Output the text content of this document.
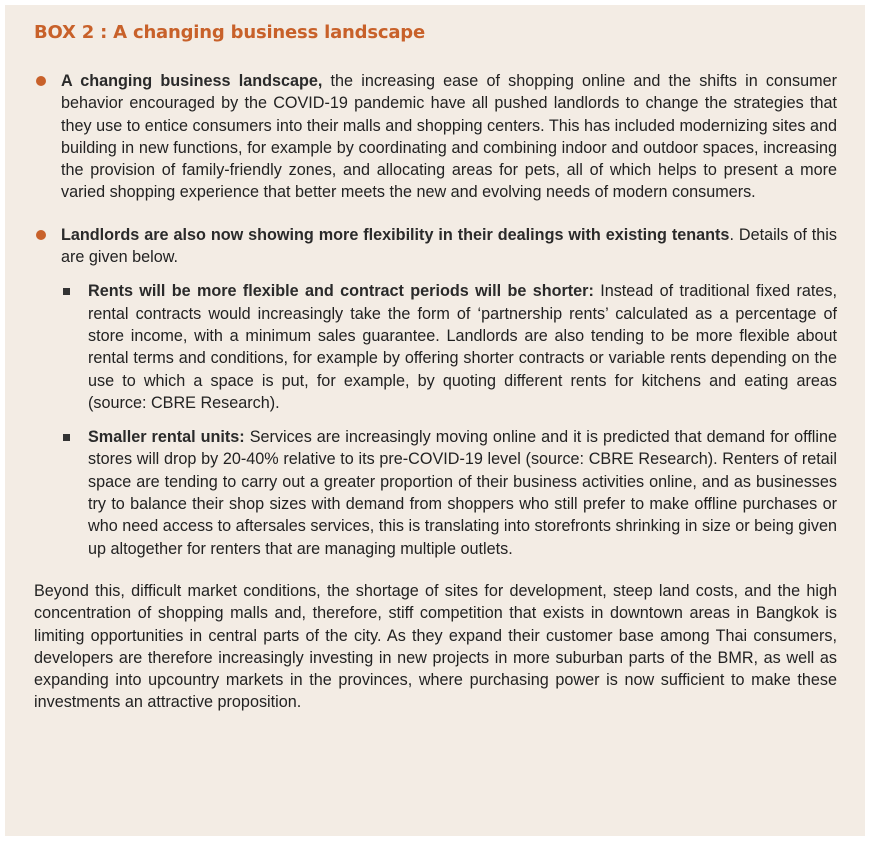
BOX 2 : A changing business landscape

A changing business landscape, the increasing ease of shopping online and the shifts in consumer behavior encouraged by the COVID-19 pandemic have all pushed landlords to change the strategies that they use to entice consumers into their malls and shopping centers. This has included modernizing sites and building in new functions, for example by coordinating and combining indoor and outdoor spaces, increasing the provision of family-friendly zones, and allocating areas for pets, all of which helps to present a more varied shopping experience that better meets the new and evolving needs of modern consumers.

Landlords are also now showing more flexibility in their dealings with existing tenants. Details of this are given below.

Rents will be more flexible and contract periods will be shorter: Instead of traditional fixed rates, rental contracts would increasingly take the form of ‘partnership rents’ calculated as a percentage of store income, with a minimum sales guarantee. Landlords are also tending to be more flexible about rental terms and conditions, for example by offering shorter contracts or variable rents depending on the use to which a space is put, for example, by quoting different rents for kitchens and eating areas (source: CBRE Research).

Smaller rental units: Services are increasingly moving online and it is predicted that demand for offline stores will drop by 20-40% relative to its pre-COVID-19 level (source: CBRE Research). Renters of retail space are tending to carry out a greater proportion of their business activities online, and as businesses try to balance their shop sizes with demand from shoppers who still prefer to make offline purchases or who need access to aftersales services, this is translating into storefronts shrinking in size or being given up altogether for renters that are managing multiple outlets.

Beyond this, difficult market conditions, the shortage of sites for development, steep land costs, and the high concentration of shopping malls and, therefore, stiff competition that exists in downtown areas in Bangkok is limiting opportunities in central parts of the city. As they expand their customer base among Thai consumers, developers are therefore increasingly investing in new projects in more suburban parts of the BMR, as well as expanding into upcountry markets in the provinces, where purchasing power is now sufficient to make these investments an attractive proposition.
